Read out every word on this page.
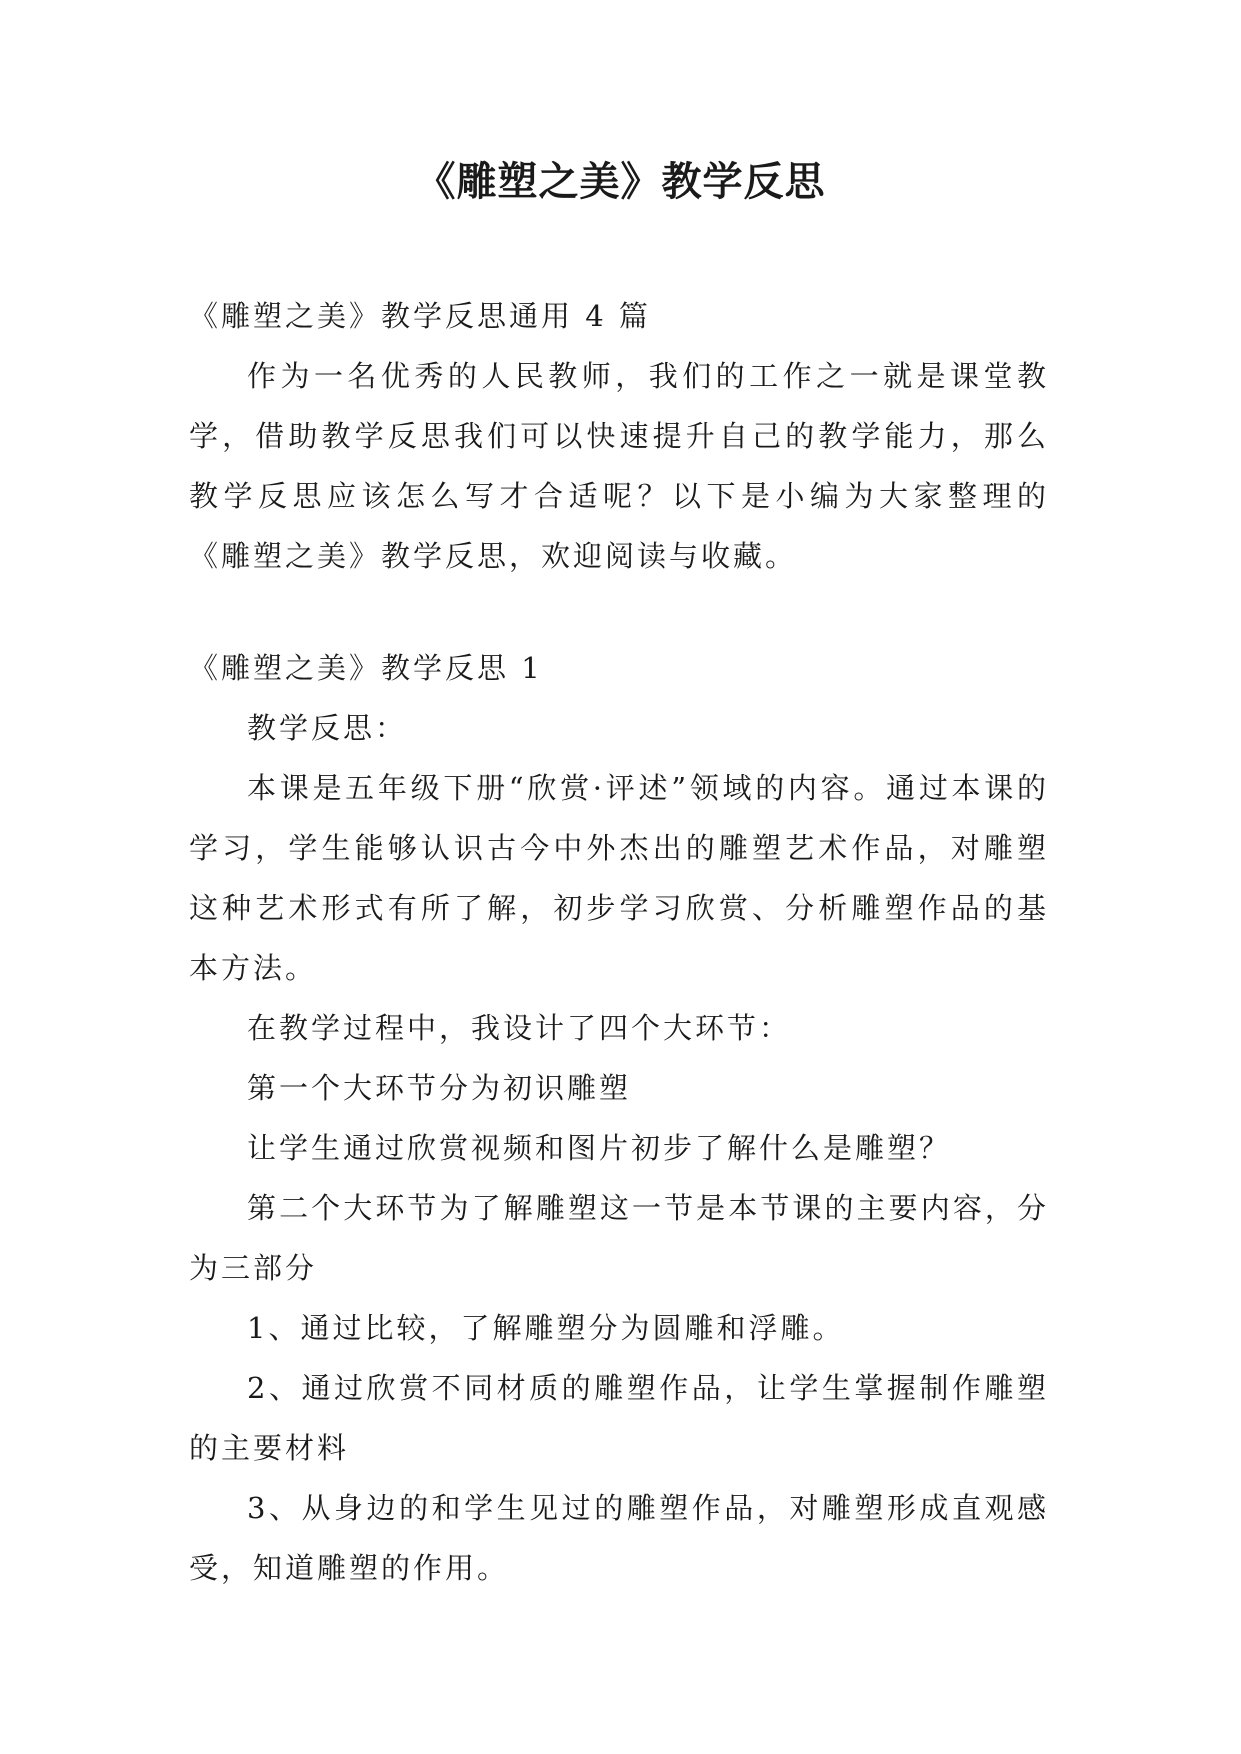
《雕塑之美》教学反思

《雕塑之美》教学反思通用 4 篇

作为一名优秀的人民教师，我们的工作之一就是课堂教学，借助教学反思我们可以快速提升自己的教学能力，那么教学反思应该怎么写才合适呢？以下是小编为大家整理的《雕塑之美》教学反思，欢迎阅读与收藏。

《雕塑之美》教学反思 1

教学反思：

本课是五年级下册“欣赏·评述”领域的内容。通过本课的学习，学生能够认识古今中外杰出的雕塑艺术作品，对雕塑这种艺术形式有所了解，初步学习欣赏、分析雕塑作品的基本方法。

在教学过程中，我设计了四个大环节：

第一个大环节分为初识雕塑

让学生通过欣赏视频和图片初步了解什么是雕塑？

第二个大环节为了解雕塑这一节是本节课的主要内容，分为三部分

1、通过比较，了解雕塑分为圆雕和浮雕。

2、通过欣赏不同材质的雕塑作品，让学生掌握制作雕塑的主要材料

3、从身边的和学生见过的雕塑作品，对雕塑形成直观感受，知道雕塑的作用。
